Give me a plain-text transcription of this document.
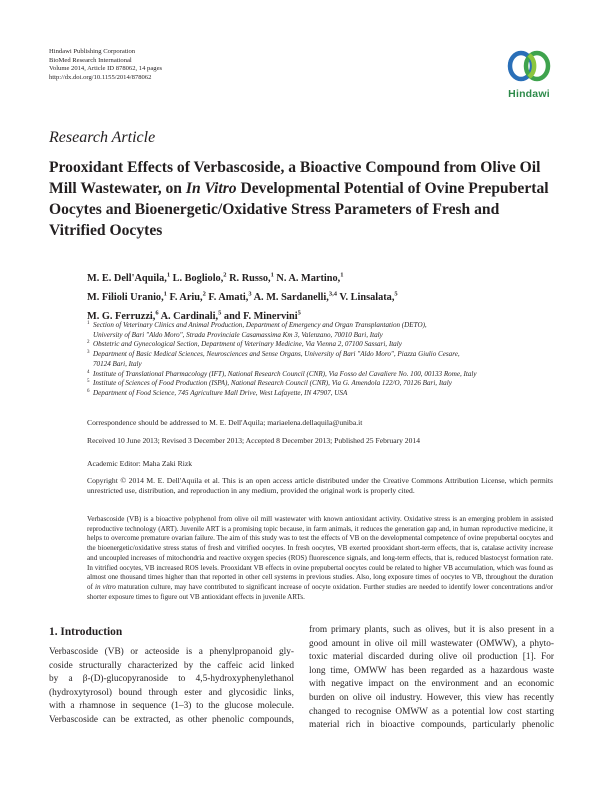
Hindawi Publishing Corporation
BioMed Research International
Volume 2014, Article ID 878062, 14 pages
http://dx.doi.org/10.1155/2014/878062
Hindawi
Research Article
Prooxidant Effects of Verbascoside, a Bioactive Compound from Olive Oil Mill Wastewater, on In Vitro Developmental Potential of Ovine Prepubertal Oocytes and Bioenergetic/Oxidative Stress Parameters of Fresh and Vitrified Oocytes
M. E. Dell'Aquila,$^1$ L. Bogliolo,$^2$ R. Russo,$^1$ N. A. Martino,$^1$
M. Filioli Uranio,$^1$ F. Ariu,$^2$ F. Amati,$^3$ A. M. Sardanelli,$^{3,4}$ V. Linsalata,$^5$
M. G. Ferruzzi,$^6$ A. Cardinali,$^5$ and F. Minervini$^5$
1 Section of Veterinary Clinics and Animal Production, Department of Emergency and Organ Transplantation (DETO),
University of Bari "Aldo Moro", Strada Provinciale Casamassima Km 3, Valenzano, 70010 Bari, Italy
2 Obstetric and Gynecological Section, Department of Veterinary Medicine, Via Vienna 2, 07100 Sassari, Italy
3 Department of Basic Medical Sciences, Neurosciences and Sense Organs, University of Bari "Aldo Moro", Piazza Giulio Cesare,
70124 Bari, Italy
4 Institute of Translational Pharmacology (IFT), National Research Council (CNR), Via Fosso del Cavaliere No. 100, 00133 Rome, Italy
5 Institute of Sciences of Food Production (ISPA), National Research Council (CNR), Via G. Amendola 122/O, 70126 Bari, Italy
6 Department of Food Science, 745 Agriculture Mall Drive, West Lafayette, IN 47907, USA
Correspondence should be addressed to M. E. Dell'Aquila; mariaelena.dellaquila@uniba.it
Received 10 June 2013; Revised 3 December 2013; Accepted 8 December 2013; Published 25 February 2014
Academic Editor: Maha Zaki Rizk
Copyright © 2014 M. E. Dell'Aquila et al. This is an open access article distributed under the Creative Commons Attribution License, which permits unrestricted use, distribution, and reproduction in any medium, provided the original work is properly cited.
Verbascoside (VB) is a bioactive polyphenol from olive oil mill wastewater with known antioxidant activity. Oxidative stress is an emerging problem in assisted reproductive technology (ART). Juvenile ART is a promising topic because, in farm animals, it reduces the generation gap and, in human reproductive medicine, it helps to overcome premature ovarian failure. The aim of this study was to test the effects of VB on the developmental competence of ovine prepubertal oocytes and the bioenergetic/oxidative stress status of fresh and vitrified oocytes. In fresh oocytes, VB exerted prooxidant short-term effects, that is, catalase activity increase and uncoupled increases of mitochondria and reactive oxygen species (ROS) fluorescence signals, and long-term effects, that is, reduced blastocyst formation rate. In vitrified oocytes, VB increased ROS levels. Prooxidant VB effects in ovine prepubertal oocytes could be related to higher VB accumulation, which was found as almost one thousand times higher than that reported in other cell systems in previous studies. Also, long exposure times of oocytes to VB, throughout the duration of in vitro maturation culture, may have contributed to significant increase of oocyte oxidation. Further studies are needed to identify lower concentrations and/or shorter exposure times to figure out VB antioxidant effects in juvenile ARTs.
1. Introduction
Verbascoside (VB) or acteoside is a phenylpropanoid gly-
coside structurally characterized by the caffeic acid linked
by a β-(D)-glucopyranoside to 4,5-hydroxyphenylethanol
(hydroxytyrosol) bound through ester and glycosidic links,
with a rhamnose in sequence (1–3) to the glucose molecule.
Verbascoside can be extracted, as other phenolic compounds,
from primary plants, such as olives, but it is also present in a
good amount in olive oil mill wastewater (OMWW), a phyto-
toxic material discarded during olive oil production [1]. For
long time, OMWW has been regarded as a hazardous waste
with negative impact on the environment and an economic
burden on olive oil industry. However, this view has recently
changed to recognise OMWW as a potential low cost starting
material rich in bioactive compounds, particularly phenolic
